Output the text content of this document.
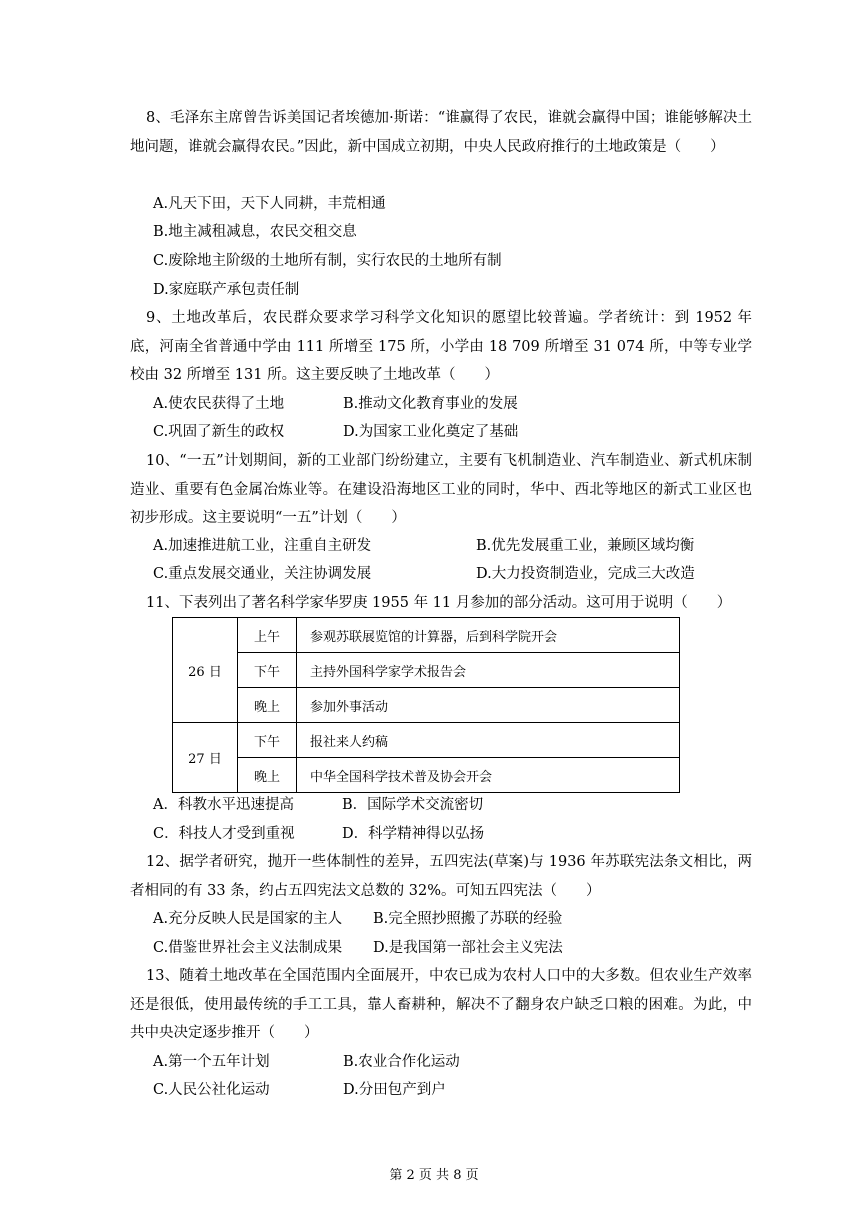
8、毛泽东主席曾告诉美国记者埃德加·斯诺：“谁赢得了农民，谁就会赢得中国；谁能够解决土地问题，谁就会赢得农民。”因此，新中国成立初期，中央人民政府推行的土地政策是（　　）

A.凡天下田，天下人同耕，丰荒相通
B.地主减租减息，农民交租交息
C.废除地主阶级的土地所有制，实行农民的土地所有制
D.家庭联产承包责任制

9、土地改革后，农民群众要求学习科学文化知识的愿望比较普遍。学者统计：到 1952 年底，河南全省普通中学由 111 所增至 175 所，小学由 18 709 所增至 31 074 所，中等专业学校由 32 所增至 131 所。这主要反映了土地改革（　　）

A.使农民获得了土地	B.推动文化教育事业的发展
C.巩固了新生的政权	D.为国家工业化奠定了基础

10、“一五”计划期间，新的工业部门纷纷建立，主要有飞机制造业、汽车制造业、新式机床制造业、重要有色金属冶炼业等。在建设沿海地区工业的同时，华中、西北等地区的新式工业区也初步形成。这主要说明“一五”计划（　　）

A.加速推进航工业，注重自主研发	B.优先发展重工业，兼顾区域均衡
C.重点发展交通业，关注协调发展	D.大力投资制造业，完成三大改造

11、下表列出了著名科学家华罗庚 1955 年 11 月参加的部分活动。这可用于说明（　　）

26 日	上午	参观苏联展览馆的计算器，后到科学院开会
	下午	主持外国科学家学术报告会
	晚上	参加外事活动
27 日	下午	报社来人约稿
	晚上	中华全国科学技术普及协会开会
A．科教水平迅速提高	B．国际学术交流密切
C．科技人才受到重视	D．科学精神得以弘扬

12、据学者研究，抛开一些体制性的差异，五四宪法(草案)与 1936 年苏联宪法条文相比，两者相同的有 33 条，约占五四宪法文总数的 32%。可知五四宪法（　　）

A.充分反映人民是国家的主人 B.完全照抄照搬了苏联的经验
C.借鉴世界社会主义法制成果 D.是我国第一部社会主义宪法

13、随着土地改革在全国范围内全面展开，中农已成为农村人口中的大多数。但农业生产效率还是很低，使用最传统的手工工具，靠人畜耕种，解决不了翻身农户缺乏口粮的困难。为此，中共中央决定逐步推开（　　）

A.第一个五年计划	B.农业合作化运动
C.人民公社化运动	D.分田包产到户
第 2 页 共 8 页
